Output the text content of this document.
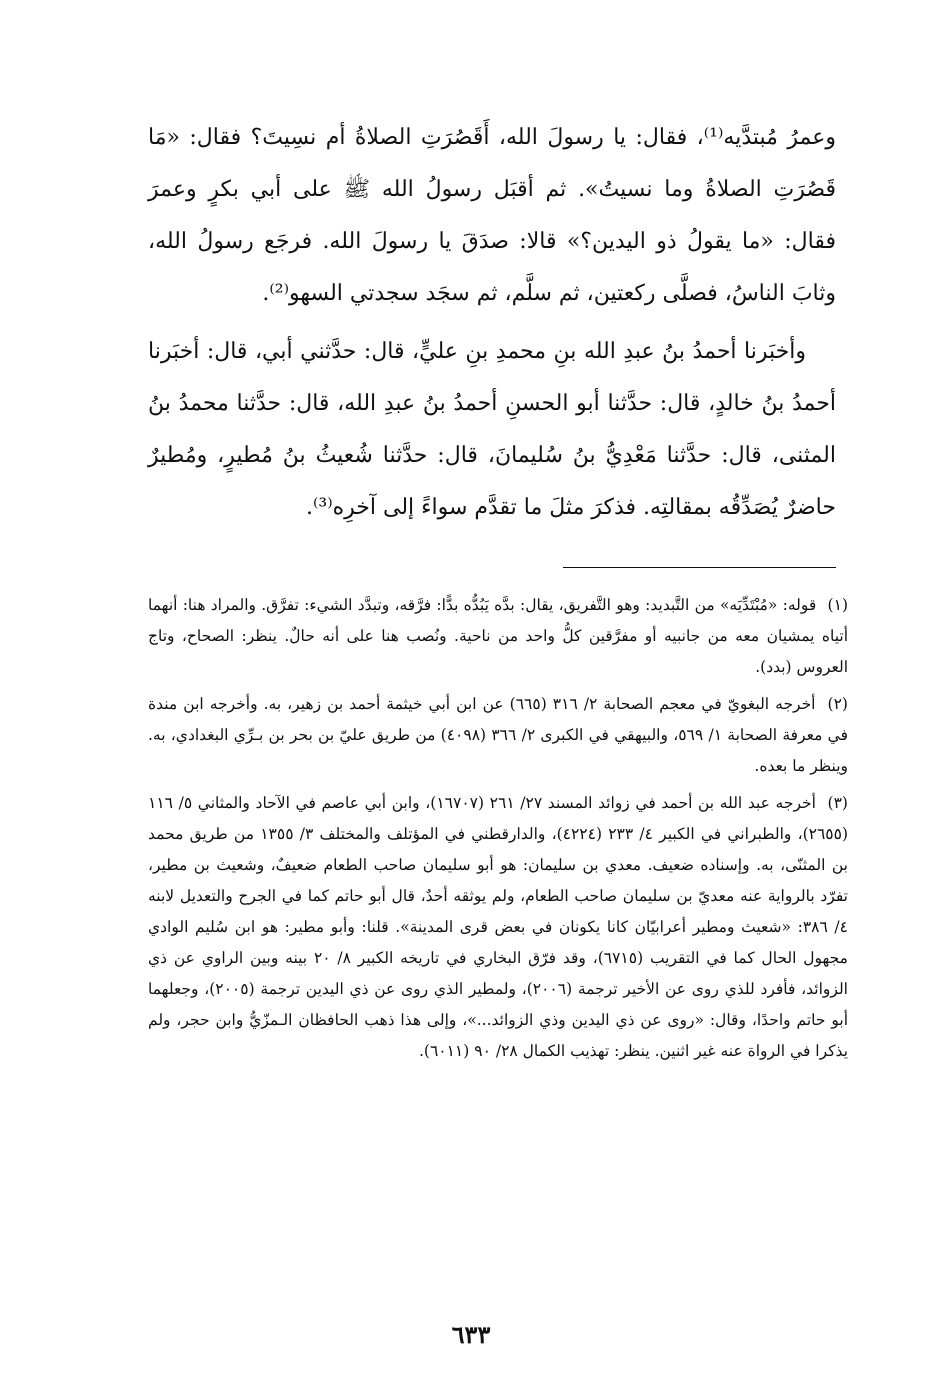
وعمرُ مُبتدَّيه⁽¹⁾، فقال: يا رسولَ الله، أَقَصُرَتِ الصلاةُ أم نسِيتَ؟ فقال: «مَا قَصُرَتِ الصلاةُ وما نسيتُ». ثم أقبَل رسولُ الله ﷺ على أبي بكرٍ وعمرَ فقال: «ما يقولُ ذو اليدين؟» قالا: صدَقَ يا رسولَ الله. فرجَع رسولُ الله، وثابَ الناسُ، فصلَّى ركعتين، ثم سلَّم، ثم سجَد سجدتي السهو⁽²⁾.

وأخبَرنا أحمدُ بنُ عبدِ الله بنِ محمدِ بنِ عليٍّ، قال: حدَّثني أبي، قال: أخبَرنا أحمدُ بنُ خالدٍ، قال: حدَّثنا أبو الحسنِ أحمدُ بنُ عبدِ الله، قال: حدَّثنا محمدُ بنُ المثنى، قال: حدَّثنا مَعْدِيُّ بنُ سُليمانَ، قال: حدَّثنا شُعيثُ بنُ مُطيرٍ، ومُطيرٌ حاضرٌ يُصَدِّقُه بمقالتِه. فذكرَ مثلَ ما تقدَّم سواءً إلى آخرِه⁽³⁾.

(١) قوله: «مُبْتَدِّيَه» من التَّبديد: وهو التَّفريق، يقال: بدَّه يَبُدُّه بدًّا: فرَّقه، وتبدَّد الشيء: تفرَّق. والمراد هنا: أنهما أتياه يمشيان معه من جانبيه أو مفرَّقين كلُّ واحد من ناحية. ونُصب هنا على أنه حالٌ. ينظر: الصحاح، وتاج العروس (بدد).

(٢) أخرجه البغويّ في معجم الصحابة ٢/ ٣١٦ (٦٦٥) عن ابن أبي خيثمة أحمد بن زهير، به. وأخرجه ابن مندة في معرفة الصحابة ١/ ٥٦٩، والبيهقي في الكبرى ٢/ ٣٦٦ (٤٠٩٨) من طريق عليّ بن بحر بن بـرِّي البغدادي، به. وينظر ما بعده.

(٣) أخرجه عبد الله بن أحمد في زوائد المسند ٢٧/ ٢٦١ (١٦٧٠٧)، وابن أبي عاصم في الآحاد والمثاني ٥/ ١١٦ (٢٦٥٥)، والطبراني في الكبير ٤/ ٢٣٣ (٤٢٢٤)، والدارقطني في المؤتلف والمختلف ٣/ ١٣٥٥ من طريق محمد بن المثنّى، به. وإسناده ضعيف. معدي بن سليمان: هو أبو سليمان صاحب الطعام ضعيفٌ، وشعيث بن مطير، تفرّد بالرواية عنه معديّ بن سليمان صاحب الطعام، ولم يوثقه أحدٌ، قال أبو حاتم كما في الجرح والتعديل لابنه ٤/ ٣٨٦: «شعيث ومطير أعرابيّان كانا يكونان في بعض قرى المدينة». قلنا: وأبو مطير: هو ابن سُليم الوادي مجهول الحال كما في التقريب (٦٧١٥)، وقد فرّق البخاري في تاريخه الكبير ٨/ ٢٠ بينه وبين الراوي عن ذي الزوائد، فأفرد للذي روى عن الأخير ترجمة (٢٠٠٦)، ولمطير الذي روى عن ذي اليدين ترجمة (٢٠٠٥)، وجعلهما أبو حاتم واحدًا، وقال: «روى عن ذي اليدين وذي الزوائد...»، وإلى هذا ذهب الحافظان الـمزّيُّ وابن حجر، ولم يذكرا في الرواة عنه غير اثنين. ينظر: تهذيب الكمال ٢٨/ ٩٠ (٦٠١١).

٦٣٣
